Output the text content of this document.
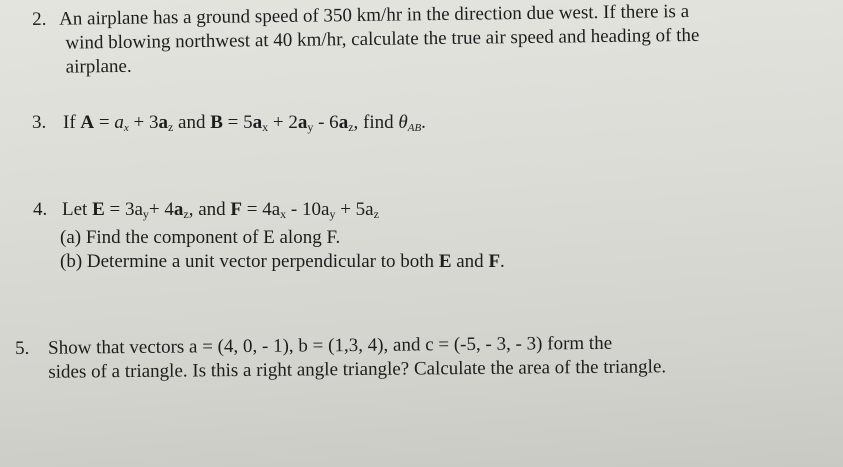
2. An airplane has a ground speed of 350 km/hr in the direction due west. If there is a
wind blowing northwest at 40 km/hr, calculate the true air speed and heading of the
airplane.
3. If $A = a_x + 3a_z$ and $B = 5a_x + 2a_y - 6a_z$, find θAB.
4. Let $E = 3a_y+ 4a_z$, and $F = 4a_x - 10a_y + 5a_z$
(a) Find the component of E along F.
(b) Determine a unit vector perpendicular to both E and F.
5. Show that vectors a = (4, 0, - 1), b = (1,3, 4), and c = (-5, - 3, - 3) form the
sides of a triangle. Is this a right angle triangle? Calculate the area of the triangle.
